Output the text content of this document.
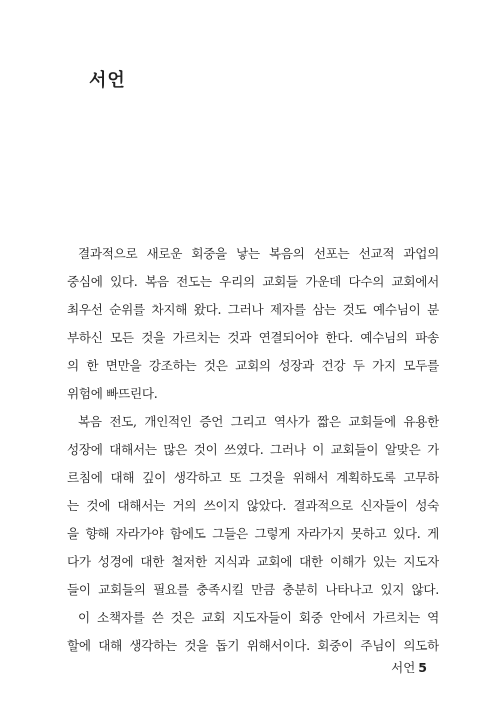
서언
결과적으로 새로운 회중을 낳는 복음의 선포는 선교적 과업의
중심에 있다. 복음 전도는 우리의 교회들 가운데 다수의 교회에서
최우선 순위를 차지해 왔다. 그러나 제자를 삼는 것도 예수님이 분
부하신 모든 것을 가르치는 것과 연결되어야 한다. 예수님의 파송
의 한 면만을 강조하는 것은 교회의 성장과 건강 두 가지 모두를
위험에 빠뜨린다.
복음 전도, 개인적인 증언 그리고 역사가 짧은 교회들에 유용한
성장에 대해서는 많은 것이 쓰였다. 그러나 이 교회들이 알맞은 가
르침에 대해 깊이 생각하고 또 그것을 위해서 계획하도록 고무하
는 것에 대해서는 거의 쓰이지 않았다. 결과적으로 신자들이 성숙
을 향해 자라가야 함에도 그들은 그렇게 자라가지 못하고 있다. 게
다가 성경에 대한 철저한 지식과 교회에 대한 이해가 있는 지도자
들이 교회들의 필요를 충족시킬 만큼 충분히 나타나고 있지 않다.
이 소책자를 쓴 것은 교회 지도자들이 회중 안에서 가르치는 역
할에 대해 생각하는 것을 돕기 위해서이다. 회중이 주님이 의도하
서언 5
